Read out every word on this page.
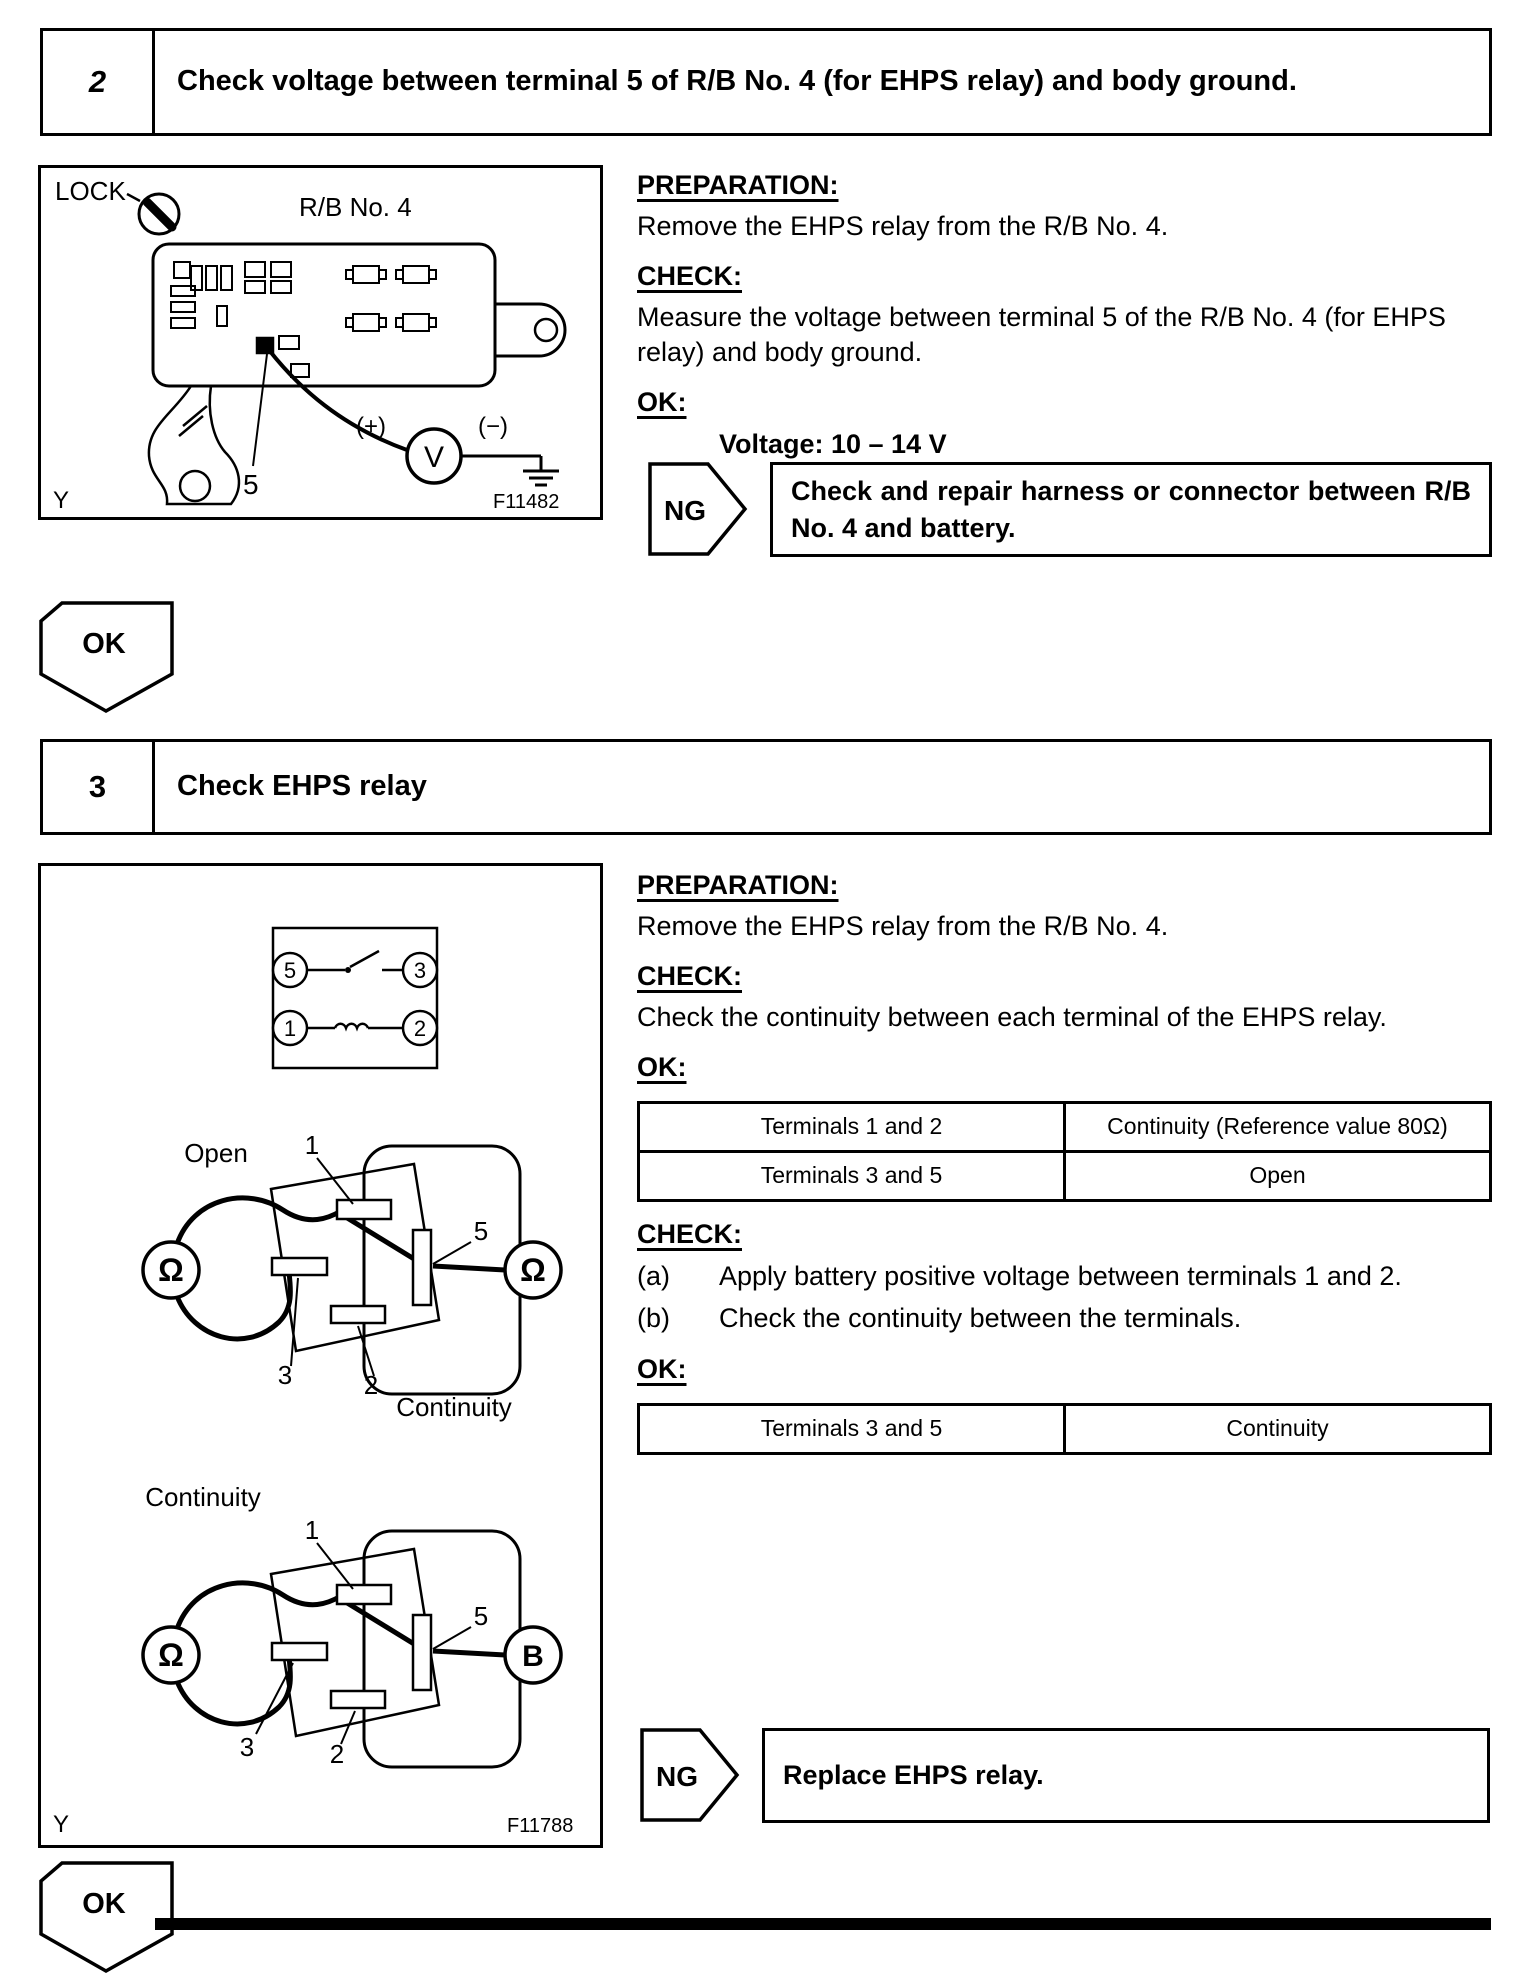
2	Check voltage between terminal 5 of R/B No. 4 (for EHPS relay) and body ground.
LOCK
R/B No. 4
5
(+)	(−)
V
Y	F11482
PREPARATION:
Remove the EHPS relay from the R/B No. 4.
CHECK:
Measure the voltage between terminal 5 of the R/B No. 4 (for EHPS relay) and body ground.
OK:
Voltage: 10 – 14 V
NG
Check and repair harness or connector between R/B No. 4 and battery.
OK
3	Check EHPS relay
5	3
1	2
Open 1
5
3	2
Ω	Ω
Continuity
Continuity
1
5
3	2
Ω	B
Y	F11788
PREPARATION:
Remove the EHPS relay from the R/B No. 4.
CHECK:
Check the continuity between each terminal of the EHPS relay.
OK:
Terminals 1 and 2	Continuity (Reference value 80Ω)
Terminals 3 and 5	Open
CHECK:
(a)	Apply battery positive voltage between terminals 1 and 2.
(b)	Check the continuity between the terminals.
OK:
Terminals 3 and 5	Continuity
NG	Replace EHPS relay.
OK
